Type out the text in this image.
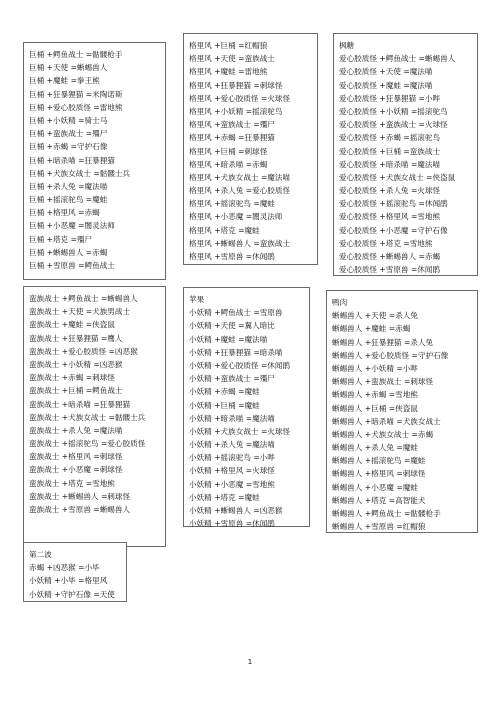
巨桶 +鳄鱼战士 =骷髅枪手
巨桶 +天使 =蜥蜴兽人
巨桶 +魔蛙 =拳王熊
巨桶 +狂暴狸猫 =米陶诺斯
巨桶 +爱心胶质怪 =雷地熊
巨桶 +小妖精 =骑士马
巨桶 +蛮族战士 =殭尸
巨桶 +赤蝎 =守护石像
巨桶 +暗杀喵 =狂暴狸猫
巨桶 +犬族女战士 =骷髅士兵
巨桶 +杀人兔 =魔法喵
巨桶 +摇滚驼鸟 =魔蛙
巨桶 +格里风 =赤蝎
巨桶 +小恶魔 =闇灵法师
巨桶 +塔克 =殭尸
巨桶 +蜥蜴兽人 =赤蝎
巨桶 +雪原兽 =鳄鱼战士
格里风 +巨桶 =红帽狼
格里风 +天使 =蛮族战士
格里风 +魔蛙 =雷地熊
格里风 +狂暴狸猫 =刺球怪
格里风 +爱心胶质怪 =火球怪
格里风 +小妖精 =摇滚驼鸟
格里风 +蛮族战士 =殭尸
格里风 +赤蝎 =狂暴狸猫
格里风 +巨桶 =刺球怪
格里风 +暗杀喵 =赤蝎
格里风 +犬族女战士 =魔法喵
格里风 +杀人兔 =爱心胶质怪
格里风 +摇滚驼鸟 =魔蛙
格里风 +小恶魔 =闇灵法师
格里风 +塔克 =魔蛙
格里风 +蜥蜴兽人 =蛮族战士
格里风 +雪原兽 =休闻鹃
枫糖
爱心胶质怪 +鳄鱼战士 =蜥蜴兽人
爱心胶质怪 +天使 =魔法喵
爱心胶质怪 +魔蛙 =魔法喵
爱心胶质怪 +狂暴狸猫 =小哔
爱心胶质怪 +小妖精 =摇滚驼鸟
爱心胶质怪 +蛮族战士 =火球怪
爱心胶质怪 +赤蝎 =摇滚驼鸟
爱心胶质怪 +巨桶 =蛮族战士
爱心胶质怪 +暗杀喵 =魔法喵
爱心胶质怪 +犬族女战士 =侠盗鼠
爱心胶质怪 +杀人兔 =火球怪
爱心胶质怪 +摇滚驼鸟 =休闻鹃
爱心胶质怪 +格里风 =雪地熊
爱心胶质怪 +小恶魔 =守护石像
爱心胶质怪 +塔克 =雪地熊
爱心胶质怪 +蜥蜴兽人 =赤蝎
爱心胶质怪 +雪原兽 =休闻鹃
蛮族战士 +鳄鱼战士 =蜥蜴兽人
蛮族战士 +天使 =犬族男战士
蛮族战士 +魔蛙 =侠盗鼠
蛮族战士 +狂暴狸猫 =鹰人
蛮族战士 +爱心胶质怪 =凶恶猴
蛮族战士 +小妖精 =凶恶猴
蛮族战士 +赤蝎 =刺球怪
蛮族战士 +巨桶 =鳄鱼战士
蛮族战士 +暗杀喵 =狂暴狸猫
蛮族战士 +犬族女战士 =骷髅士兵
蛮族战士 +杀人兔 =魔法喵
蛮族战士 +摇滚驼鸟 =爱心胶质怪
蛮族战士 +格里风 =刺球怪
蛮族战士 +小恶魔 =刺球怪
蛮族战士 +塔克 =雪地熊
蛮族战士 +蜥蜴兽人 =刺球怪
蛮族战士 +雪原兽 =蜥蜴兽人
苹果
小妖精 +鳄鱼战士 =雪原兽
小妖精 +天使 =翼人暗比
小妖精 +魔蛙 =魔法喵
小妖精 +狂暴狸猫 =暗杀喵
小妖精 +爱心胶质怪 =休闻鹃
小妖精 +蛮族战士 =殭尸
小妖精 +赤蝎 =魔蛙
小妖精 +巨桶 =魔蛙
小妖精 +暗杀喵 =魔法喵
小妖精 +犬族女战士 =火球怪
小妖精 +杀人兔 =魔法喵
小妖精 +摇滚驼鸟 =小哔
小妖精 +格里风 =火球怪
小妖精 +小恶魔 =雪地熊
小妖精 +塔克 =魔蛙
小妖精 +蜥蜴兽人 =凶恶猴
小妖精 +雪原兽 =休闻鹃
鸭肉
蜥蜴兽人 +天使 =杀人兔
蜥蜴兽人 +魔蛙 =赤蝎
蜥蜴兽人 +狂暴狸猫 =杀人兔
蜥蜴兽人 +爱心胶质怪 =守护石像
蜥蜴兽人 +小妖精 =小哔
蜥蜴兽人 +蛮族战士 =刺球怪
蜥蜴兽人 +赤蝎 =雪地熊
蜥蜴兽人 +巨桶 =侠盗鼠
蜥蜴兽人 +暗杀喵 =犬族女战士
蜥蜴兽人 +犬族女战士 =赤蝎
蜥蜴兽人 +杀人兔 =魔蛙
蜥蜴兽人 +摇滚驼鸟 =魔蛙
蜥蜴兽人 +格里风 =刺球怪
蜥蜴兽人 +小恶魔 =魔蛙
蜥蜴兽人 +塔克 =高智能犬
蜥蜴兽人 +鳄鱼战士 =骷髅枪手
蜥蜴兽人 +雪原兽 =红帽狼
第二波
赤蝎 +凶恶猴 =小毕
小妖精 +小毕 =格里风
小妖精 +守护石像 =天使
1
